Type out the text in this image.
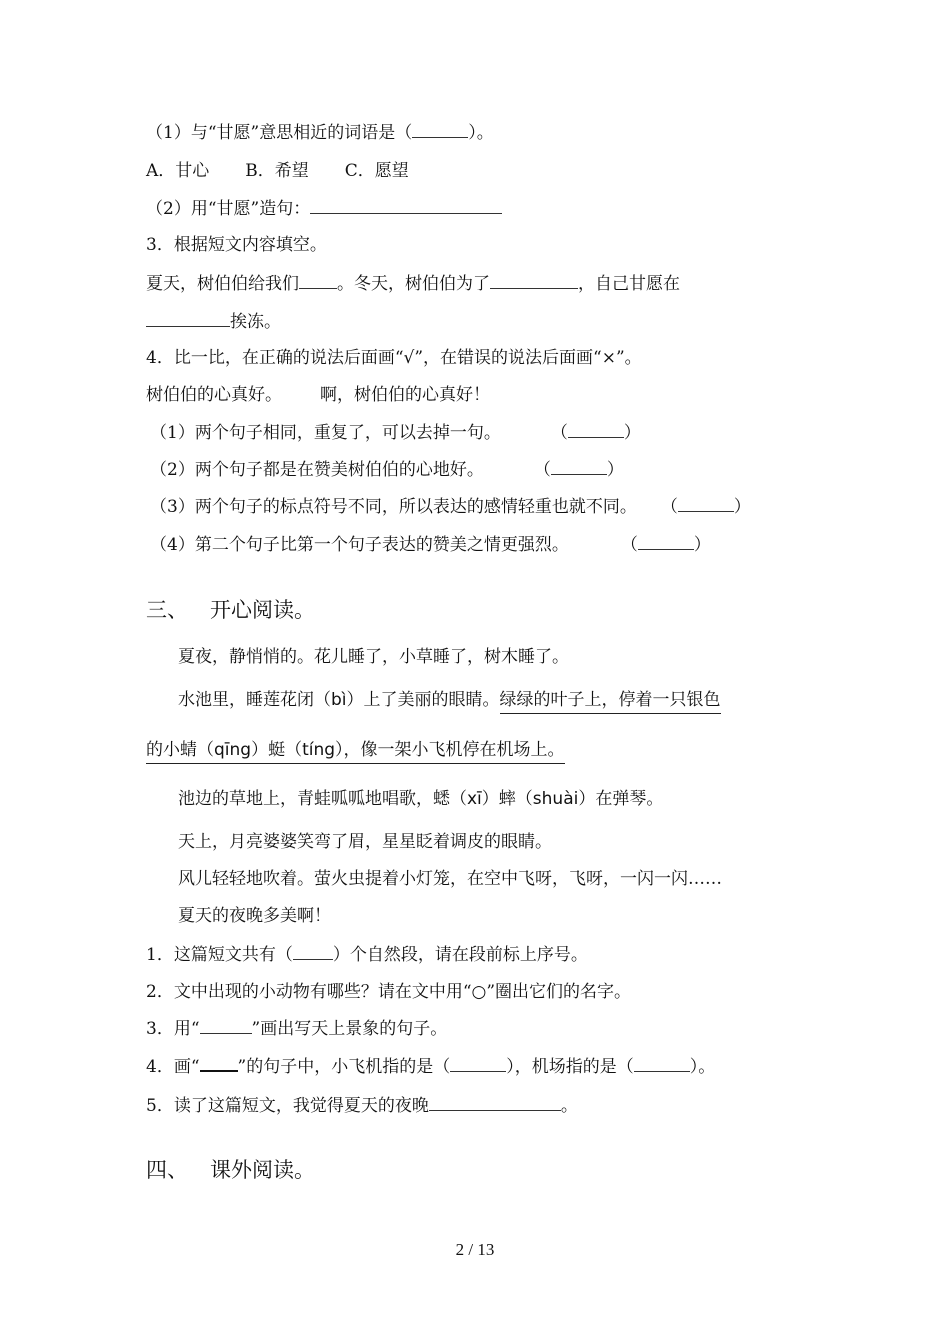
（1）与“甘愿”意思相近的词语是（	）。
A．甘心 B．希望 C．愿望
（2）用“甘愿”造句：
3．根据短文内容填空。
夏天，树伯伯给我们 。冬天，树伯伯为了	，自己甘愿在
挨冻。
4．比一比，在正确的说法后面画“√”，在错误的说法后面画“×”。
树伯伯的心真好。 啊，树伯伯的心真好！
（1）两个句子相同，重复了，可以去掉一句。	（	）
（2）两个句子都是在赞美树伯伯的心地好。	（	）
（3）两个句子的标点符号不同，所以表达的感情轻重也就不同。 （	）
（4）第二个句子比第一个句子表达的赞美之情更强烈。	（	）
三、 开心阅读。
夏夜，静悄悄的。花儿睡了，小草睡了，树木睡了。
水池里，睡莲花闭（bì）上了美丽的眼睛。绿绿的叶子上，停着一只银色
的小蜻（qīng）蜓（tíng），像一架小飞机停在机场上。
池边的草地上，青蛙呱呱地唱歌，蟋（xī）蟀（shuài）在弹琴。
天上，月亮婆婆笑弯了眉，星星眨着调皮的眼睛。
风儿轻轻地吹着。萤火虫提着小灯笼，在空中飞呀，飞呀，一闪一闪……
夏天的夜晚多美啊！
1．这篇短文共有（ ）个自然段，请在段前标上序号。
2．文中出现的小动物有哪些？请在文中用“○”圈出它们的名字。
3．用“	”画出写天上景象的句子。
4．画“ ”的句子中，小飞机指的是（	），机场指的是（	）。
5．读了这篇短文，我觉得夏天的夜晚	。
四、 课外阅读。
2 / 13
